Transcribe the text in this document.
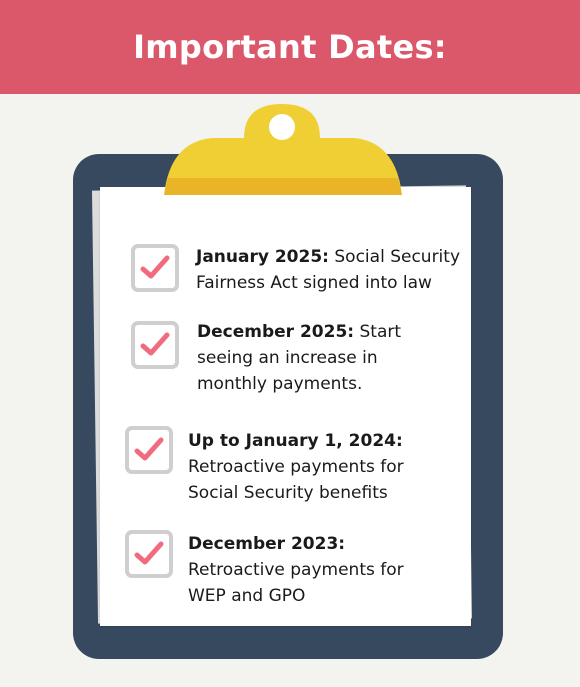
Important Dates:
January 2025: Social Security Fairness Act signed into law
December 2025: Start seeing an increase in monthly payments.
Up to January 1, 2024: Retroactive payments for Social Security benefits
December 2023: Retroactive payments for WEP and GPO
